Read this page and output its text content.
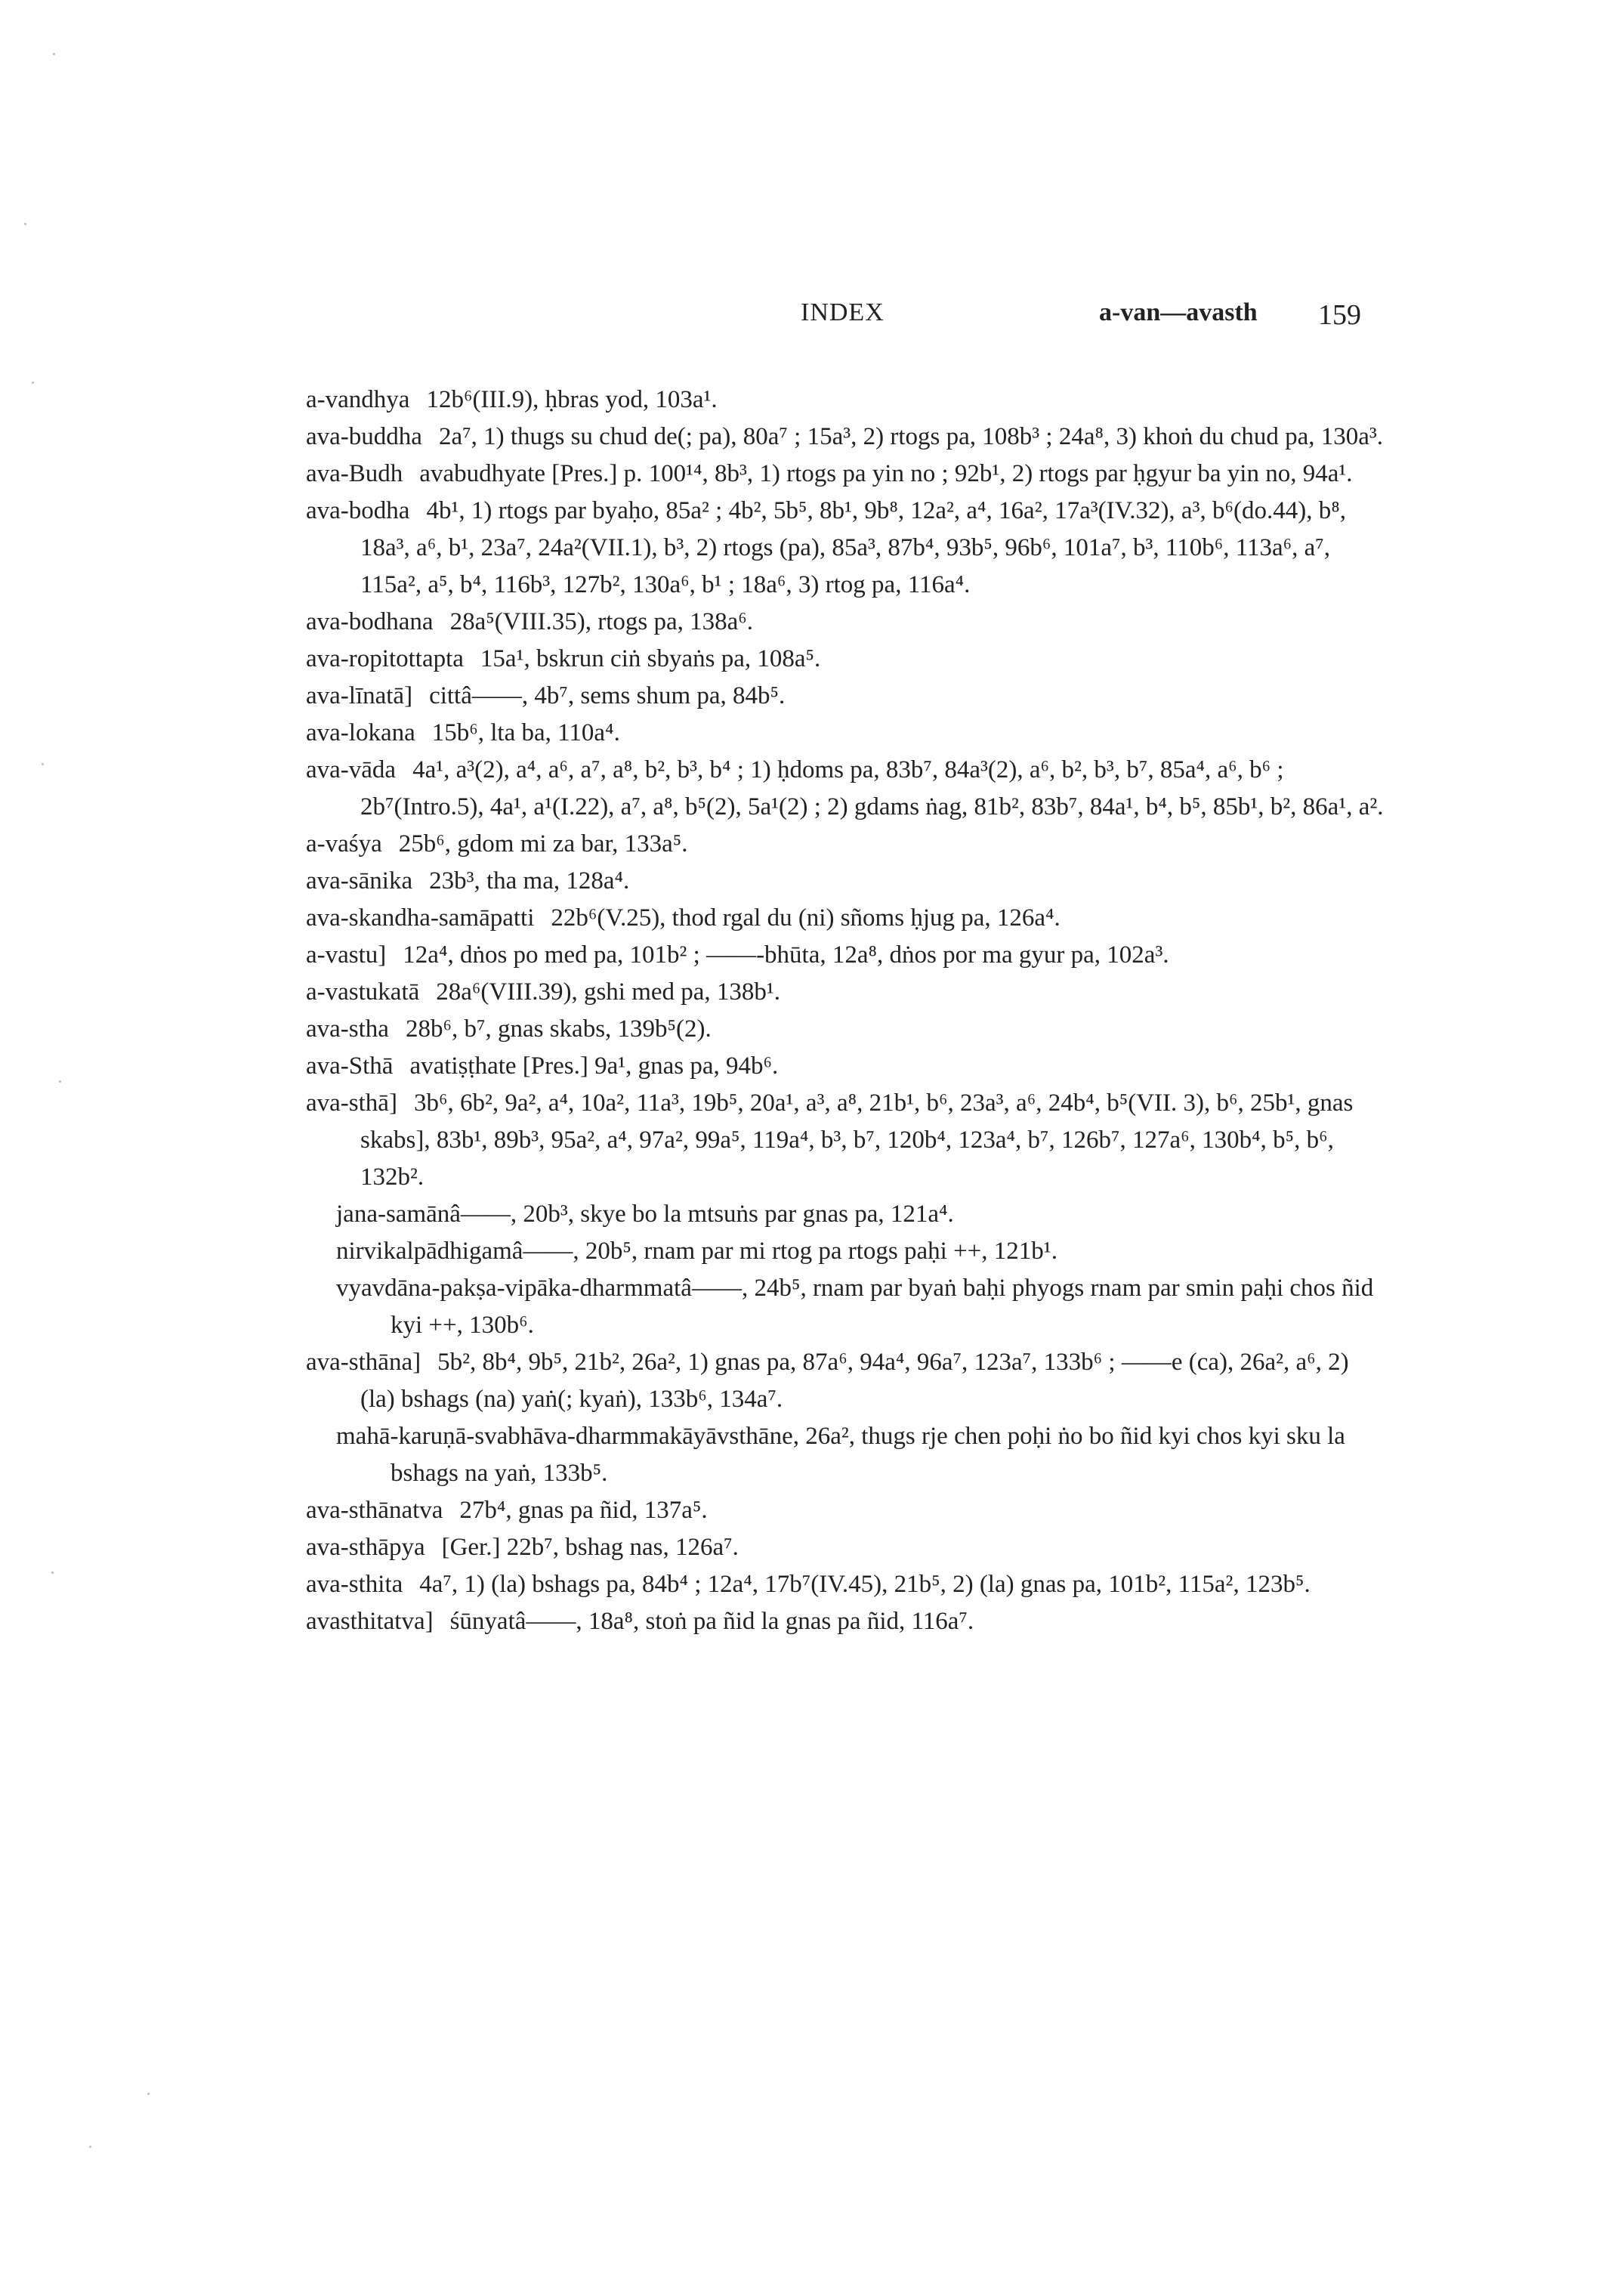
INDEX	a-van—avasth 159

a-vandhya 12b⁶(III.9), ḥbras yod, 103a¹.

ava-buddha 2a⁷, 1) thugs su chud de(; pa), 80a⁷ ; 15a³, 2) rtogs pa, 108b³ ; 24a⁸, 3) khoṅ du chud pa, 130a³.

ava-Budh avabudhyate [Pres.] p. 100¹⁴, 8b³, 1) rtogs pa yin no ; 92b¹, 2) rtogs par ḥgyur ba yin no, 94a¹.

ava-bodha 4b¹, 1) rtogs par byaḥo, 85a² ; 4b², 5b⁵, 8b¹, 9b⁸, 12a², a⁴, 16a², 17a³(IV.32), a³, b⁶(do.44), b⁸, 18a³, a⁶, b¹, 23a⁷, 24a²(VII.1), b³, 2) rtogs (pa), 85a³, 87b⁴, 93b⁵, 96b⁶, 101a⁷, b³, 110b⁶, 113a⁶, a⁷, 115a², a⁵, b⁴, 116b³, 127b², 130a⁶, b¹ ; 18a⁶, 3) rtog pa, 116a⁴.

ava-bodhana 28a⁵(VIII.35), rtogs pa, 138a⁶.

ava-ropitottapta 15a¹, bskrun ciṅ sbyaṅs pa, 108a⁵.

ava-līnatā] cittâ——, 4b⁷, sems shum pa, 84b⁵.

ava-lokana 15b⁶, lta ba, 110a⁴.

ava-vāda 4a¹, a³(2), a⁴, a⁶, a⁷, a⁸, b², b³, b⁴ ; 1) ḥdoms pa, 83b⁷, 84a³(2), a⁶, b², b³, b⁷, 85a⁴, a⁶, b⁶ ; 2b⁷(Intro.5), 4a¹, a¹(I.22), a⁷, a⁸, b⁵(2), 5a¹(2) ; 2) gdams ṅag, 81b², 83b⁷, 84a¹, b⁴, b⁵, 85b¹, b², 86a¹, a².

a-vaśya 25b⁶, gdom mi za bar, 133a⁵.

ava-sānika 23b³, tha ma, 128a⁴.

ava-skandha-samāpatti 22b⁶(V.25), thod rgal du (ni) sñoms ḥjug pa, 126a⁴.

a-vastu] 12a⁴, dṅos po med pa, 101b² ; ——-bhūta, 12a⁸, dṅos por ma gyur pa, 102a³.

a-vastukatā 28a⁶(VIII.39), gshi med pa, 138b¹.

ava-stha 28b⁶, b⁷, gnas skabs, 139b⁵(2).

ava-Sthā avatiṣṭhate [Pres.] 9a¹, gnas pa, 94b⁶.

ava-sthā] 3b⁶, 6b², 9a², a⁴, 10a², 11a³, 19b⁵, 20a¹, a³, a⁸, 21b¹, b⁶, 23a³, a⁶, 24b⁴, b⁵(VII. 3), b⁶, 25b¹, gnas skabs], 83b¹, 89b³, 95a², a⁴, 97a², 99a⁵, 119a⁴, b³, b⁷, 120b⁴, 123a⁴, b⁷, 126b⁷, 127a⁶, 130b⁴, b⁵, b⁶, 132b².

jana-samānâ——, 20b³, skye bo la mtsuṅs par gnas pa, 121a⁴.

nirvikalpādhigamâ——, 20b⁵, rnam par mi rtog pa rtogs paḥi ++, 121b¹.

vyavdāna-pakṣa-vipāka-dharmmatâ——, 24b⁵, rnam par byaṅ baḥi phyogs rnam par smin paḥi chos ñid kyi ++, 130b⁶.

ava-sthāna] 5b², 8b⁴, 9b⁵, 21b², 26a², 1) gnas pa, 87a⁶, 94a⁴, 96a⁷, 123a⁷, 133b⁶ ; ——e (ca), 26a², a⁶, 2) (la) bshags (na) yaṅ(; kyaṅ), 133b⁶, 134a⁷.

mahā-karuṇā-svabhāva-dharmmakāyāvsthāne, 26a², thugs rje chen poḥi ṅo bo ñid kyi chos kyi sku la bshags na yaṅ, 133b⁵.

ava-sthānatva 27b⁴, gnas pa ñid, 137a⁵.

ava-sthāpya [Ger.] 22b⁷, bshag nas, 126a⁷.

ava-sthita 4a⁷, 1) (la) bshags pa, 84b⁴ ; 12a⁴, 17b⁷(IV.45), 21b⁵, 2) (la) gnas pa, 101b², 115a², 123b⁵.

avasthitatva] śūnyatâ——, 18a⁸, stoṅ pa ñid la gnas pa ñid, 116a⁷.
